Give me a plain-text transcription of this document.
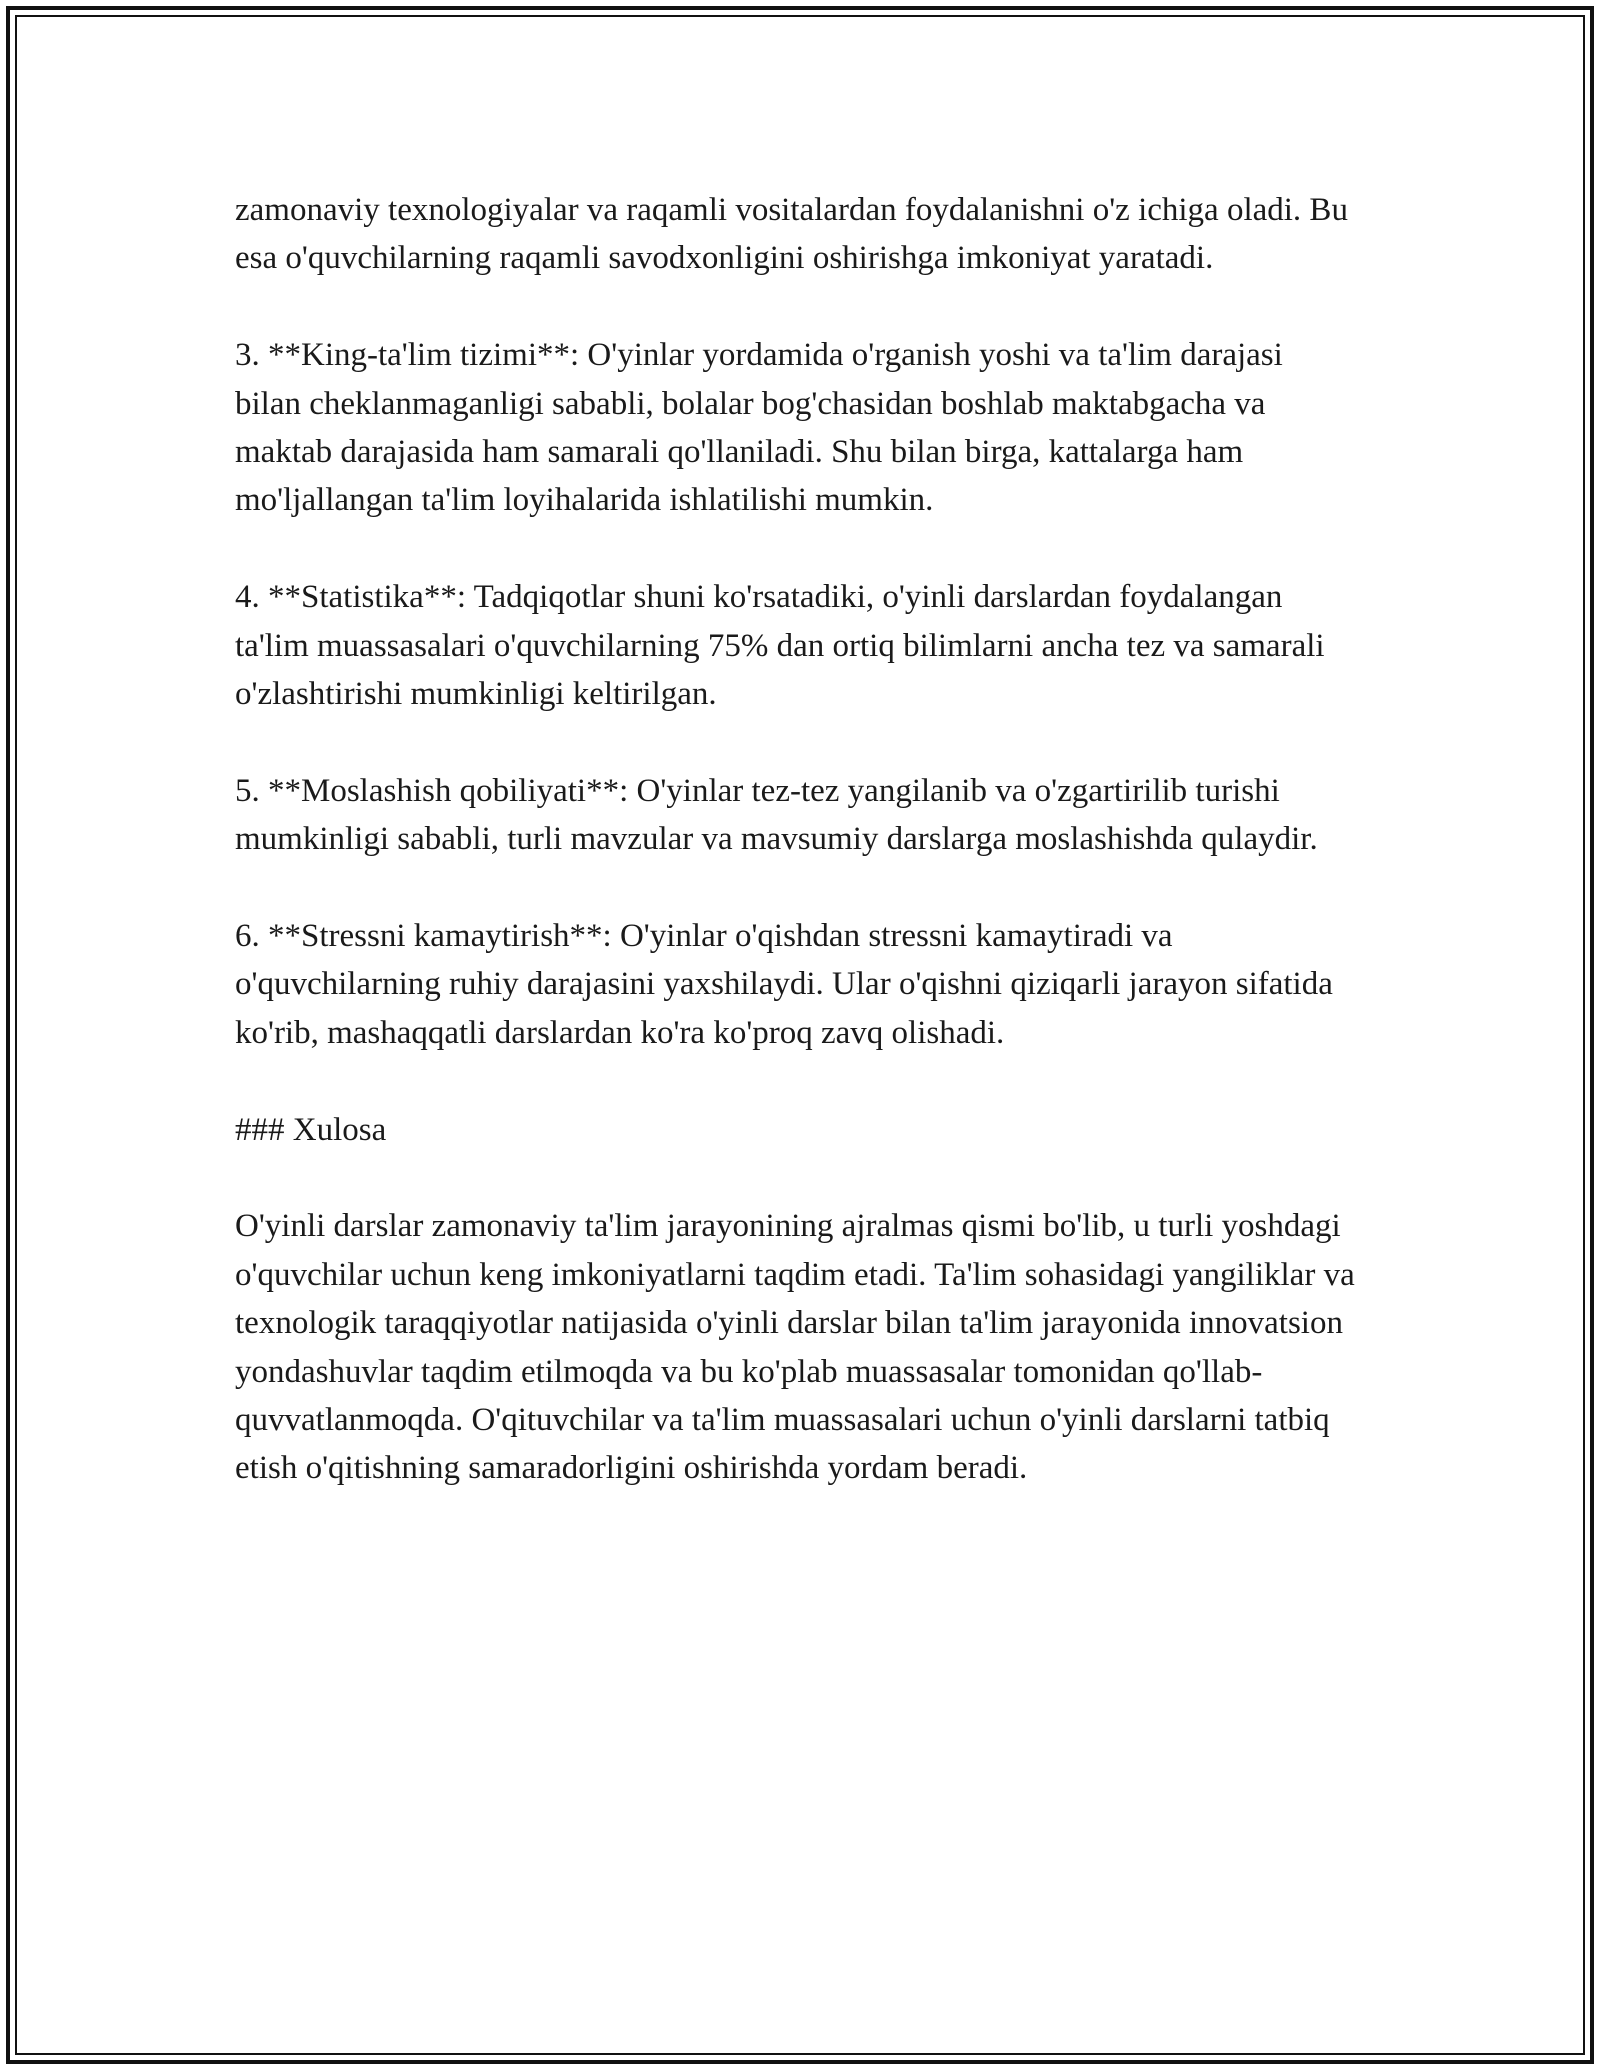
zamonaviy texnologiyalar va raqamli vositalardan foydalanishni o'z ichiga oladi. Bu esa o'quvchilarning raqamli savodxonligini oshirishga imkoniyat yaratadi.

3. **King-ta'lim tizimi**: O'yinlar yordamida o'rganish yoshi va ta'lim darajasi bilan cheklanmaganligi sababli, bolalar bog'chasidan boshlab maktabgacha va maktab darajasida ham samarali qo'llaniladi. Shu bilan birga, kattalarga ham mo'ljallangan ta'lim loyihalarida ishlatilishi mumkin.

4. **Statistika**: Tadqiqotlar shuni ko'rsatadiki, o'yinli darslardan foydalangan ta'lim muassasalari o'quvchilarning 75% dan ortiq bilimlarni ancha tez va samarali o'zlashtirishi mumkinligi keltirilgan.

5. **Moslashish qobiliyati**: O'yinlar tez-tez yangilanib va o'zgartirilib turishi mumkinligi sababli, turli mavzular va mavsumiy darslarga moslashishda qulaydir.

6. **Stressni kamaytirish**: O'yinlar o'qishdan stressni kamaytiradi va o'quvchilarning ruhiy darajasini yaxshilaydi. Ular o'qishni qiziqarli jarayon sifatida ko'rib, mashaqqatli darslardan ko'ra ko'proq zavq olishadi.

### Xulosa

O'yinli darslar zamonaviy ta'lim jarayonining ajralmas qismi bo'lib, u turli yoshdagi o'quvchilar uchun keng imkoniyatlarni taqdim etadi. Ta'lim sohasidagi yangiliklar va texnologik taraqqiyotlar natijasida o'yinli darslar bilan ta'lim jarayonida innovatsion yondashuvlar taqdim etilmoqda va bu ko'plab muassasalar tomonidan qo'llab-quvvatlanmoqda. O'qituvchilar va ta'lim muassasalari uchun o'yinli darslarni tatbiq etish o'qitishning samaradorligini oshirishda yordam beradi.
